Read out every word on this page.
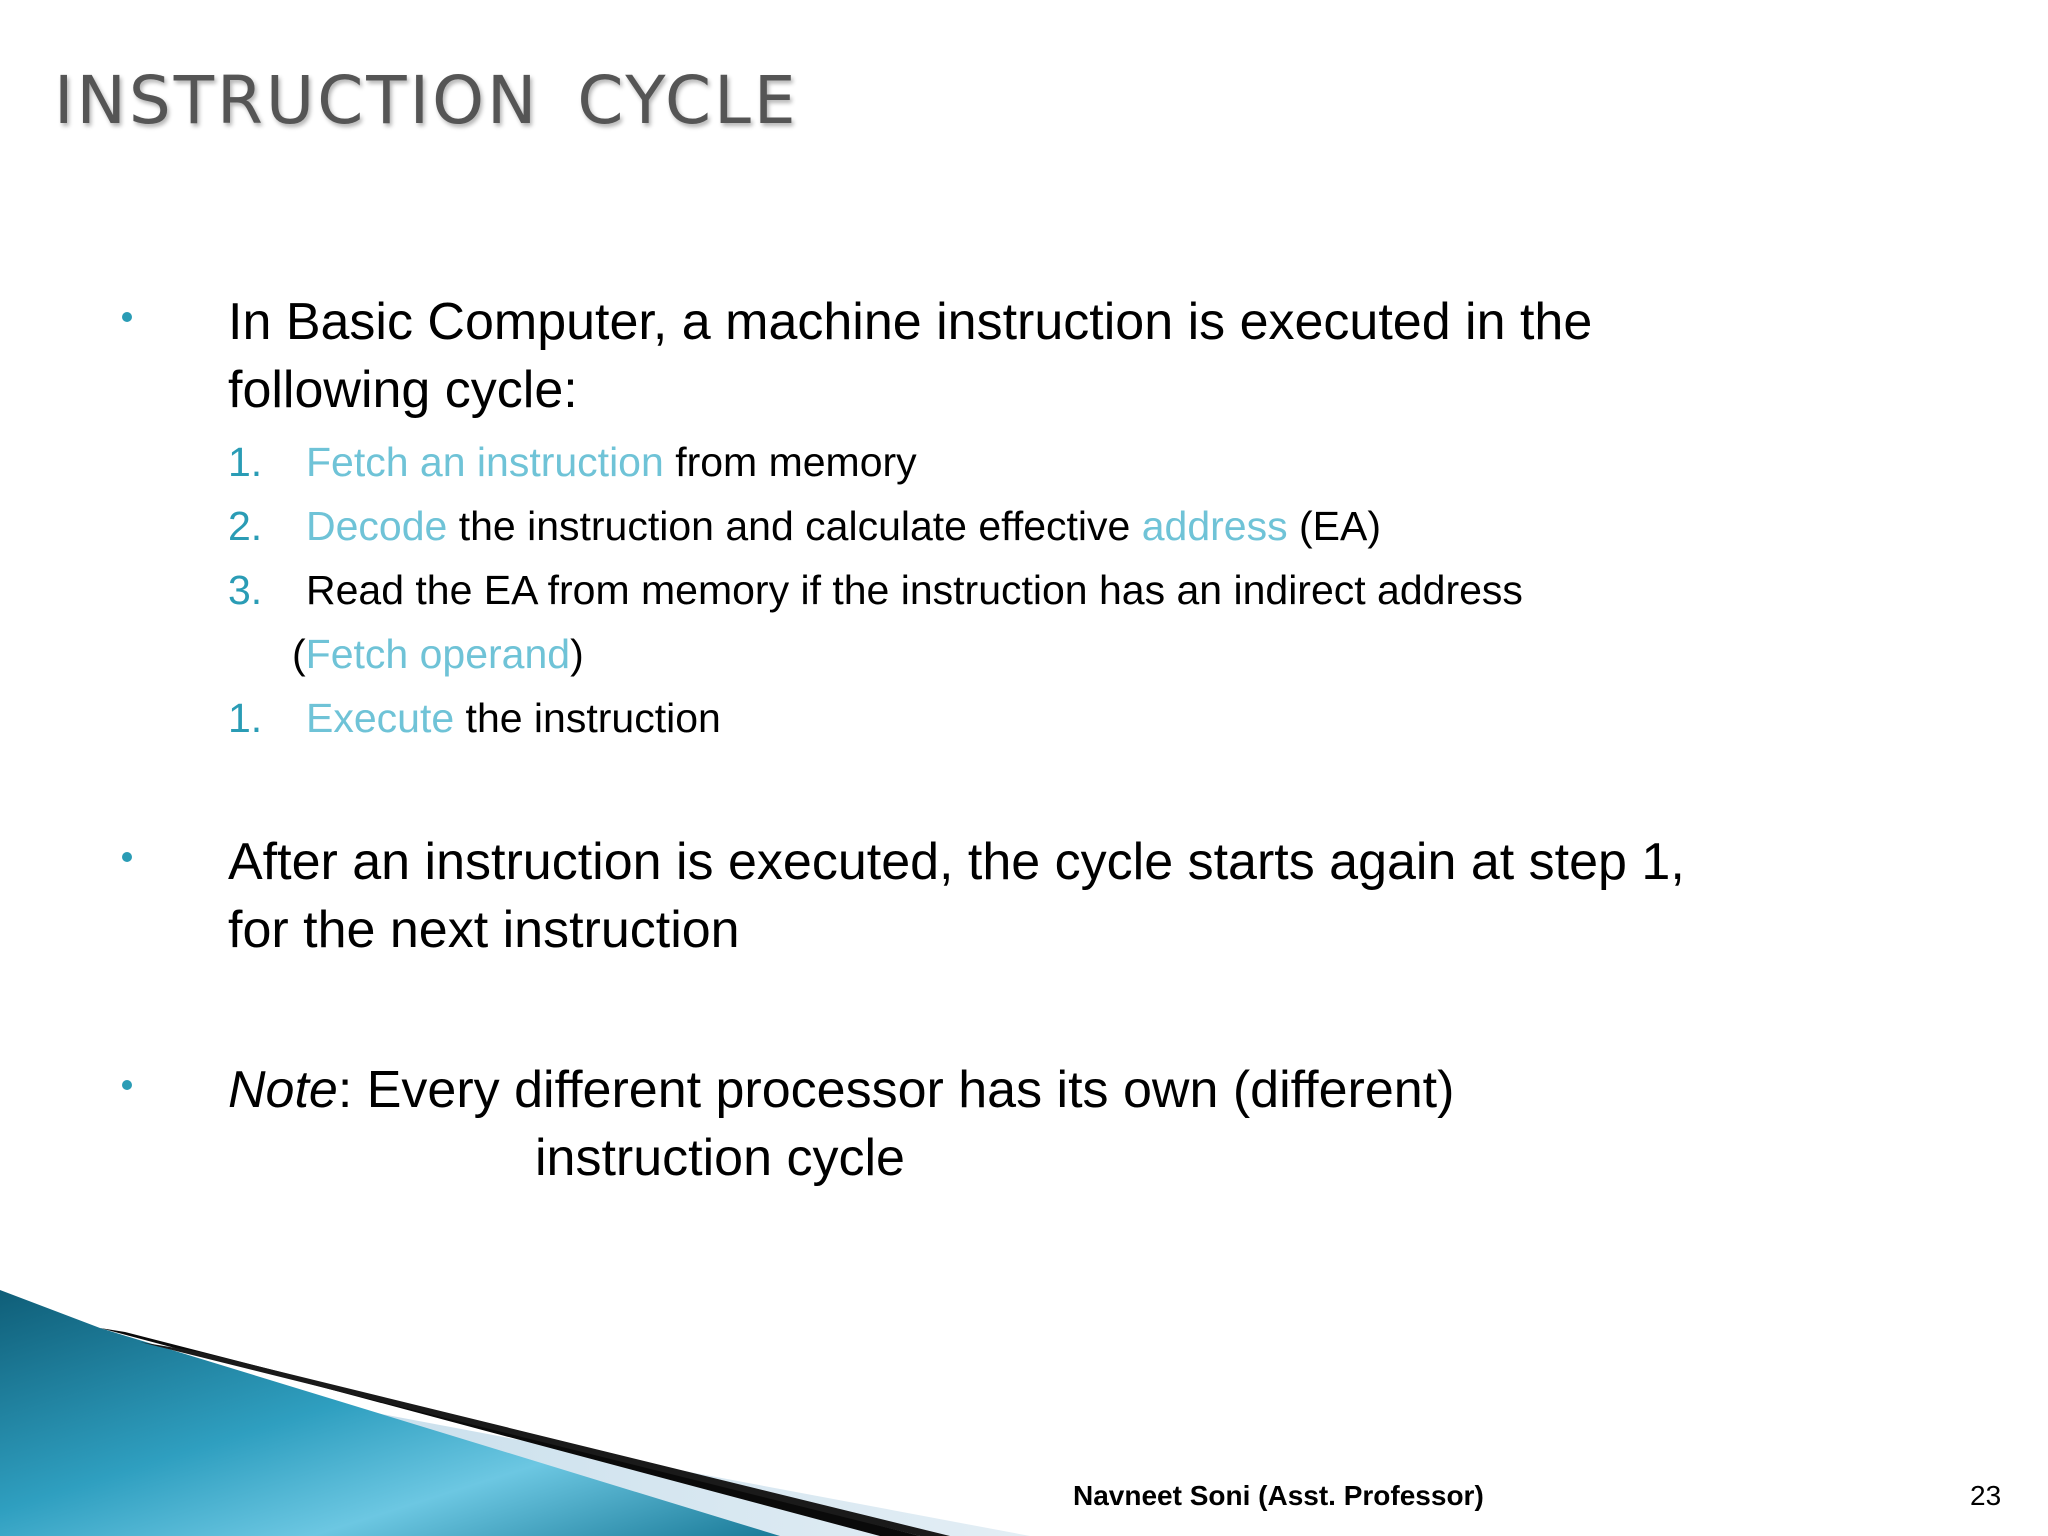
INSTRUCTION CYCLE

In Basic Computer, a machine instruction is executed in the
following cycle:

1. Fetch an instruction from memory

2. Decode the instruction and calculate effective address (EA)

3. Read the EA from memory if the instruction has an indirect address

(Fetch operand)

1. Execute the instruction

After an instruction is executed, the cycle starts again at step 1,
for the next instruction

Note: Every different processor has its own (different)
instruction cycle

Navneet Soni (Asst. Professor)	23
